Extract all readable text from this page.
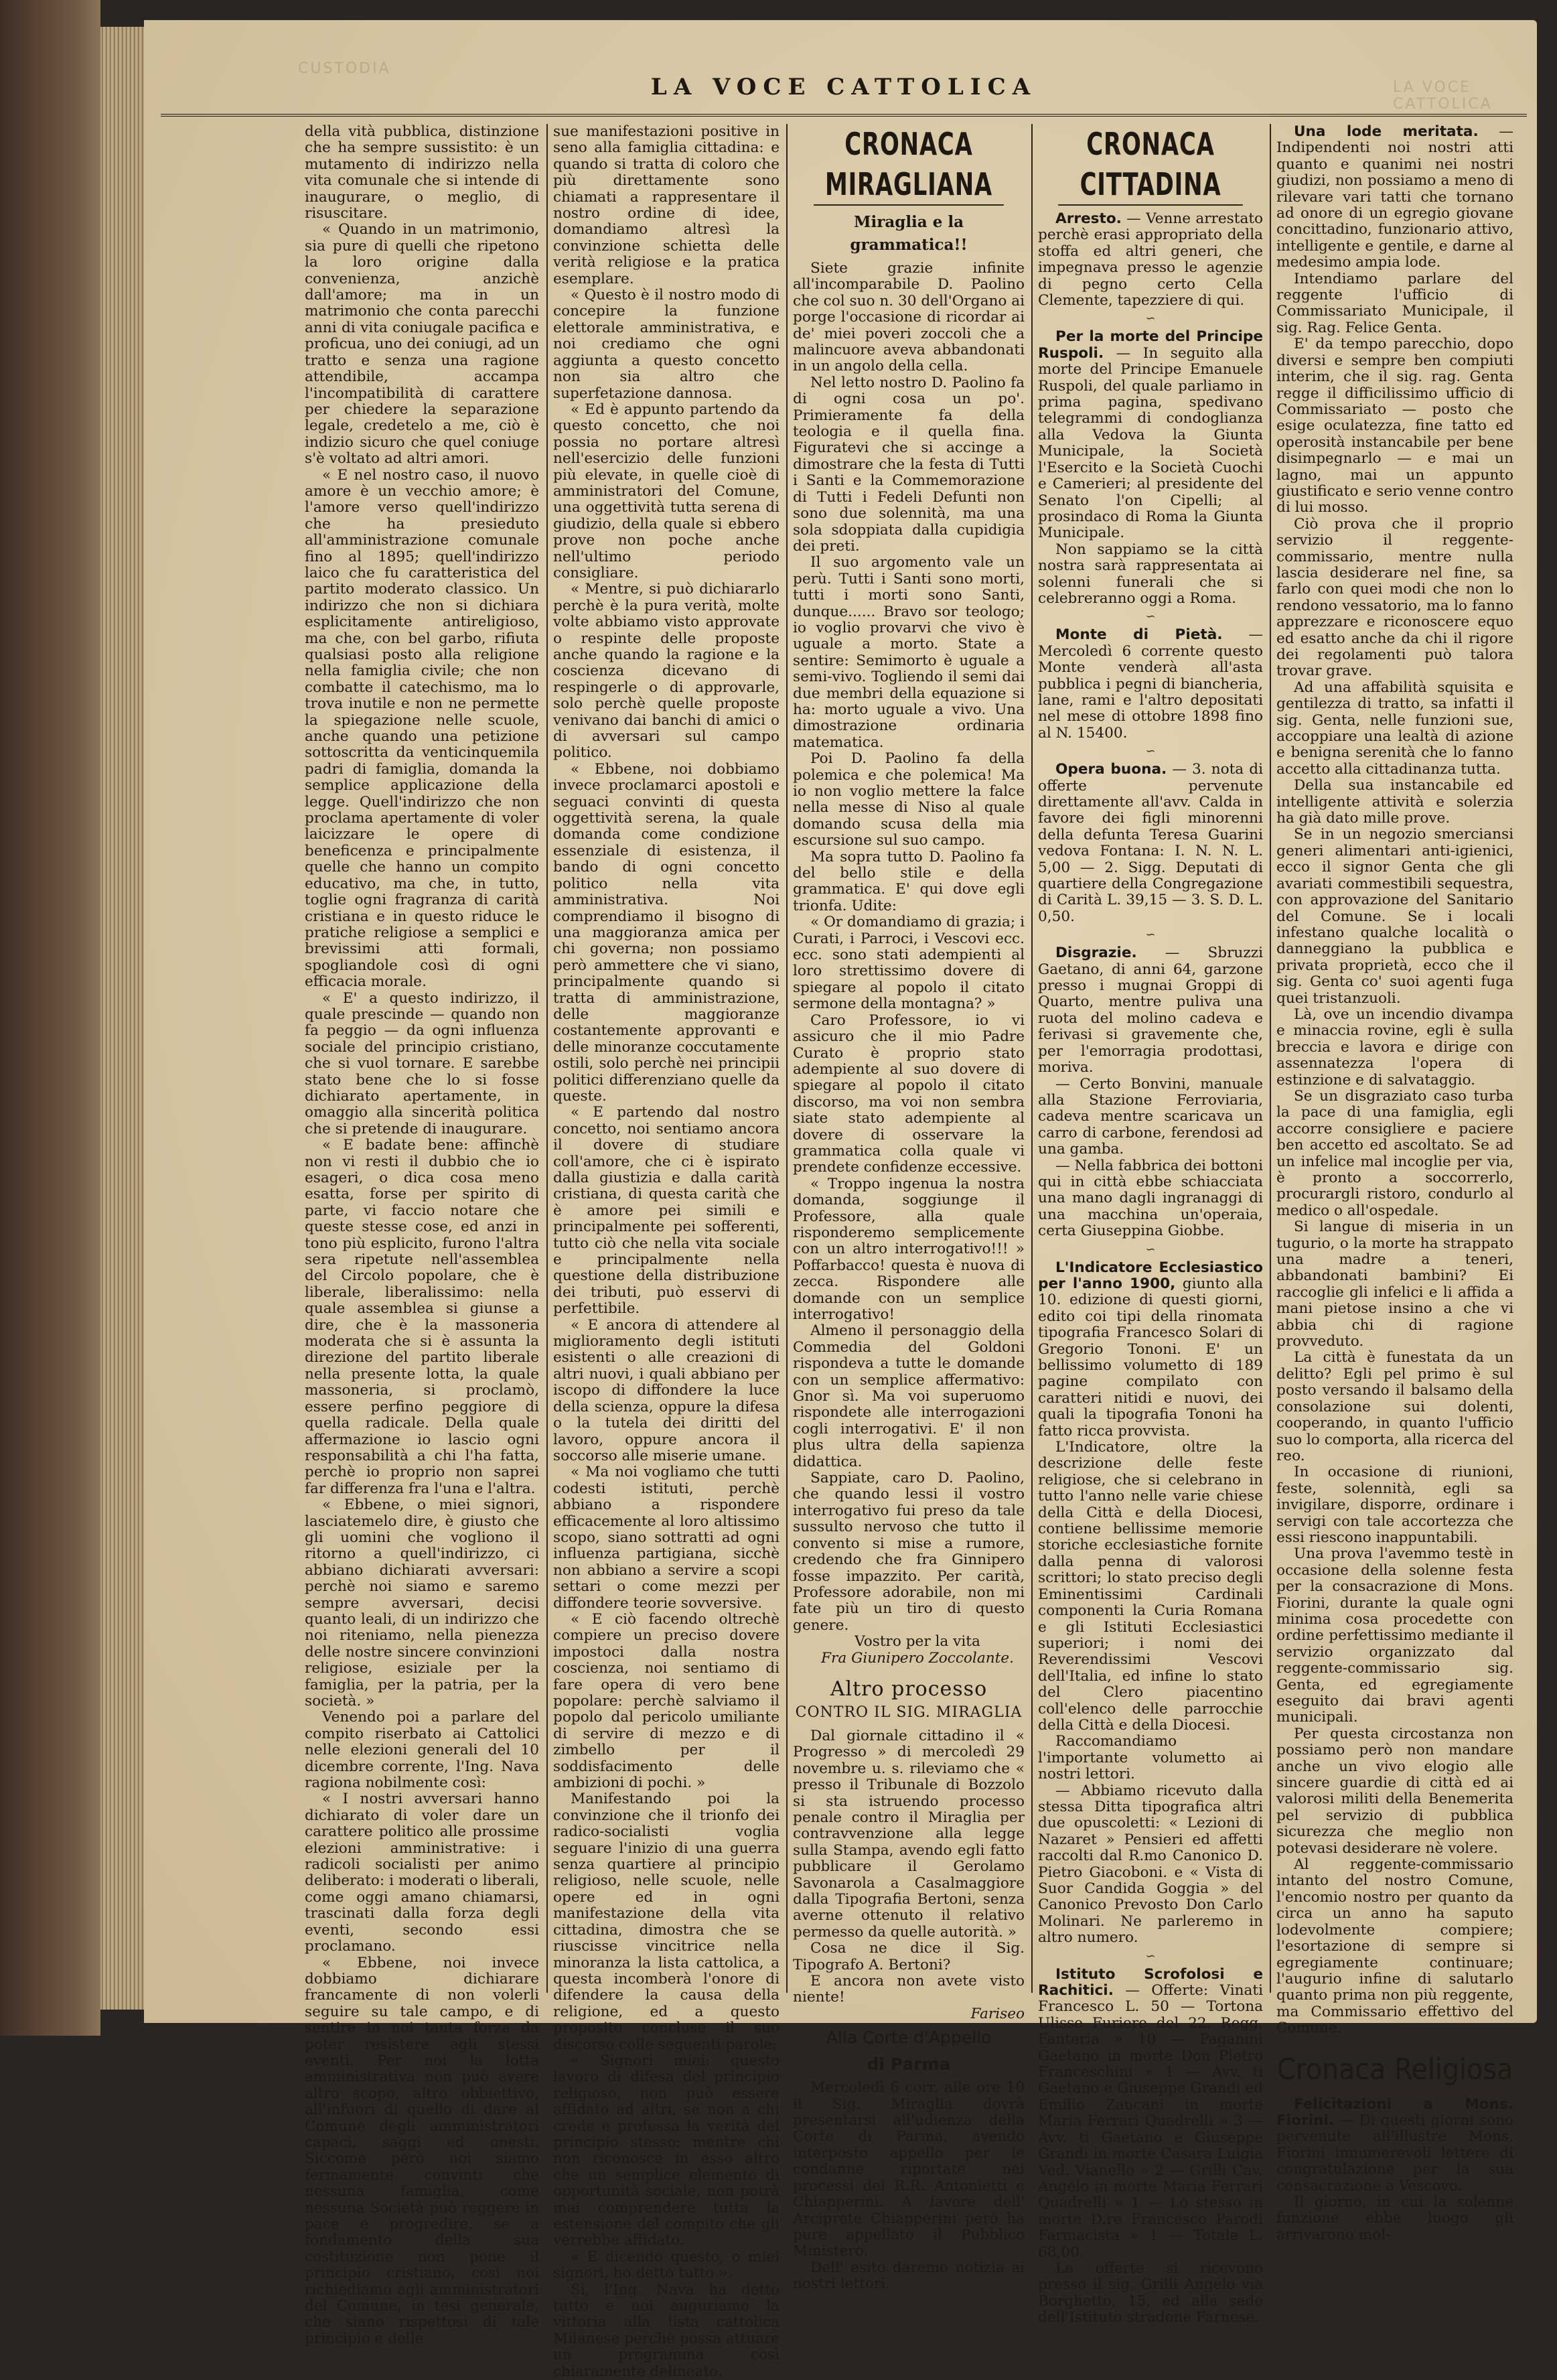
CUSTODIA
LA VOCE CATTOLICA
LA VOCE CATTOLICA

della vità pubblica, distinzione che ha sempre sussistito: è un mutamento di indirizzo nella vita comunale che si intende di inaugurare, o meglio, di risuscitare.

« Quando in un matrimonio, sia pure di quelli che ripetono la loro origine dalla convenienza, anzichè dall'amore; ma in un matrimonio che conta parecchi anni di vita coniugale pacifica e proficua, uno dei coniugi, ad un tratto e senza una ragione attendibile, accampa l'incompatibilità di carattere per chiedere la separazione legale, credetelo a me, ciò è indizio sicuro che quel coniuge s'è voltato ad altri amori.

« E nel nostro caso, il nuovo amore è un vecchio amore; è l'amore verso quell'indirizzo che ha presieduto all'amministrazione comunale fino al 1895; quell'indirizzo laico che fu caratteristica del partito moderato classico. Un indirizzo che non si dichiara esplicitamente antireligioso, ma che, con bel garbo, rifiuta qualsiasi posto alla religione nella famiglia civile; che non combatte il catechismo, ma lo trova inutile e non ne permette la spiegazione nelle scuole, anche quando una petizione sottoscritta da venticinquemila padri di famiglia, domanda la semplice applicazione della legge. Quell'indirizzo che non proclama apertamente di voler laicizzare le opere di beneficenza e principalmente quelle che hanno un compito educativo, ma che, in tutto, toglie ogni fragranza di carità cristiana e in questo riduce le pratiche religiose a semplici e brevissimi atti formali, spogliandole così di ogni efficacia morale.

« E' a questo indirizzo, il quale prescinde — quando non fa peggio — da ogni influenza sociale del principio cristiano, che si vuol tornare. E sarebbe stato bene che lo si fosse dichiarato apertamente, in omaggio alla sincerità politica che si pretende di inaugurare.

« E badate bene: affinchè non vi resti il dubbio che io esageri, o dica cosa meno esatta, forse per spirito di parte, vi faccio notare che queste stesse cose, ed anzi in tono più esplicito, furono l'altra sera ripetute nell'assemblea del Circolo popolare, che è liberale, liberalissimo: nella quale assemblea si giunse a dire, che è la massoneria moderata che si è assunta la direzione del partito liberale nella presente lotta, la quale massoneria, si proclamò, essere perfino peggiore di quella radicale. Della quale affermazione io lascio ogni responsabilità a chi l'ha fatta, perchè io proprio non saprei far differenza fra l'una e l'altra.

« Ebbene, o miei signori, lasciatemelo dire, è giusto che gli uomini che vogliono il ritorno a quell'indirizzo, ci abbiano dichiarati avversari: perchè noi siamo e saremo sempre avversari, decisi quanto leali, di un indirizzo che noi riteniamo, nella pienezza delle nostre sincere convinzioni religiose, esiziale per la famiglia, per la patria, per la società. »

Venendo poi a parlare del compito riserbato ai Cattolici nelle elezioni generali del 10 dicembre corrente, l'Ing. Nava ragiona nobilmente così:

« I nostri avversari hanno dichiarato di voler dare un carattere politico alle prossime elezioni amministrative: i radicoli socialisti per animo deliberato: i moderati o liberali, come oggi amano chiamarsi, trascinati dalla forza degli eventi, secondo essi proclamano.

« Ebbene, noi invece dobbiamo dichiarare francamente di non volerli seguire su tale campo, e di sentire in noi tanta forza da poter resistere agli stessi eventi. Per noi la lotta amministrativa non può avere altro scopo, altro obbiettivo, all'infuori di quello di dare al Comune degli amministratori capaci, saggi ed onesti. Siccome però noi siamo fermamente convinti che nessuna famiglia, come nessuna Società può reggere in pace e progredire, se a fondamento della sua costituzione non pone il principio cristiano, così noi richiediamo agli amministratori del Comune, in tesi generale, che siano rispettosi di tale principio e delle

sue manifestazioni positive in seno alla famiglia cittadina: e quando si tratta di coloro che più direttamente sono chiamati a rappresentare il nostro ordine di idee, domandiamo altresì la convinzione schietta delle verità religiose e la pratica esemplare.

« Questo è il nostro modo di concepire la funzione elettorale amministrativa, e noi crediamo che ogni aggiunta a questo concetto non sia altro che superfetazione dannosa.

« Ed è appunto partendo da questo concetto, che noi possia no portare altresì nell'esercizio delle funzioni più elevate, in quelle cioè di amministratori del Comune, una oggettività tutta serena di giudizio, della quale si ebbero prove non poche anche nell'ultimo periodo consigliare.

« Mentre, si può dichiararlo perchè è la pura verità, molte volte abbiamo visto approvate o respinte delle proposte anche quando la ragione e la coscienza dicevano di respingerle o di approvarle, solo perchè quelle proposte venivano dai banchi di amici o di avversari sul campo politico.

« Ebbene, noi dobbiamo invece proclamarci apostoli e seguaci convinti di questa oggettività serena, la quale domanda come condizione essenziale di esistenza, il bando di ogni concetto politico nella vita amministrativa. Noi comprendiamo il bisogno di una maggioranza amica per chi governa; non possiamo però ammettere che vi siano, principalmente quando si tratta di amministrazione, delle maggioranze costantemente approvanti e delle minoranze coccutamente ostili, solo perchè nei principii politici differenziano quelle da queste.

« E partendo dal nostro concetto, noi sentiamo ancora il dovere di studiare coll'amore, che ci è ispirato dalla giustizia e dalla carità cristiana, di questa carità che è amore pei simili e principalmente pei sofferenti, tutto ciò che nella vita sociale e principalmente nella questione della distribuzione dei tributi, può esservi di perfettibile.

« E ancora di attendere al miglioramento degli istituti esistenti o alle creazioni di altri nuovi, i quali abbiano per iscopo di diffondere la luce della scienza, oppure la difesa o la tutela dei diritti del lavoro, oppure ancora il soccorso alle miserie umane.

« Ma noi vogliamo che tutti codesti istituti, perchè abbiano a rispondere efficacemente al loro altissimo scopo, siano sottratti ad ogni influenza partigiana, sicchè non abbiano a servire a scopi settari o come mezzi per diffondere teorie sovversive.

« E ciò facendo oltrechè compiere un preciso dovere impostoci dalla nostra coscienza, noi sentiamo di fare opera di vero bene popolare: perchè salviamo il popolo dal pericolo umiliante di servire di mezzo e di zimbello per il soddisfacimento delle ambizioni di pochi. »

Manifestando poi la convinzione che il trionfo dei radico-socialisti voglia seguare l'inizio di una guerra senza quartiere al principio religioso, nelle scuole, nelle opere ed in ogni manifestazione della vita cittadina, dimostra che se riuscisse vincitrice nella minoranza la lista cattolica, a questa incomberà l'onore di difendere la causa della religione, ed a questo proposito concluse il suo discorso colle seguenti parole:

« Signori miei: questo lavoro di difesa del principio religioso, non può essere affidato ad altri, se non a chi crede e professa la verità del principio stesso: mentre chi non riconosce in esso altro che un semplice elemento di opportunità sociale, non potrà mai comprendere tutta la estensione del compito che gli verrebbe affidato.

« E dicendo questo, o miei signori, ho detto tutto ».

Sì, l'Ing. Nava ha detto tutto e noi auguriamo la vittoria alla lista cattolica Milanese perchè possa attuare un programma così chiaramente delineato.

CRONACA MIRAGLIANA
Miraglia e la grammatica!!

Siete grazie infinite all'incomparabile D. Paolino che col suo n. 30 dell'Organo ai porge l'occasione di ricordar ai de' miei poveri zoccoli che a malincuore aveva abbandonati in un angolo della cella.

Nel letto nostro D. Paolino fa di ogni cosa un po'. Primieramente fa della teologia e il quella fina. Figuratevi che si accinge a dimostrare che la festa di Tutti i Santi e la Commemorazione di Tutti i Fedeli Defunti non sono due solennità, ma una sola sdoppiata dalla cupidigia dei preti.

Il suo argomento vale un perù. Tutti i Santi sono morti, tutti i morti sono Santi, dunque...... Bravo sor teologo; io voglio provarvi che vivo è uguale a morto. State a sentire: Semimorto è uguale a semi-vivo. Togliendo il semi dai due membri della equazione si ha: morto uguale a vivo. Una dimostrazione ordinaria matematica.

Poi D. Paolino fa della polemica e che polemica! Ma io non voglio mettere la falce nella messe di Niso al quale domando scusa della mia escursione sul suo campo.

Ma sopra tutto D. Paolino fa del bello stile e della grammatica. E' qui dove egli trionfa. Udite:

« Or domandiamo di grazia; i Curati, i Parroci, i Vescovi ecc. ecc. sono stati adempienti al loro strettissimo dovere di spiegare al popolo il citato sermone della montagna? »

Caro Professore, io vi assicuro che il mio Padre Curato è proprio stato adempiente al suo dovere di spiegare al popolo il citato discorso, ma voi non sembra siate stato adempiente al dovere di osservare la grammatica colla quale vi prendete confidenze eccessive.

« Troppo ingenua la nostra domanda, soggiunge il Professore, alla quale risponderemo semplicemente con un altro interrogativo!!! » Poffarbacco! questa è nuova di zecca. Rispondere alle domande con un semplice interrogativo!

Almeno il personaggio della Commedia del Goldoni rispondeva a tutte le domande con un semplice affermativo: Gnor sì. Ma voi superuomo rispondete alle interrogazioni cogli interrogativi. E' il non plus ultra della sapienza didattica.

Sappiate, caro D. Paolino, che quando lessi il vostro interrogativo fui preso da tale sussulto nervoso che tutto il convento si mise a rumore, credendo che fra Ginnipero fosse impazzito. Per carità, Professore adorabile, non mi fate più un tiro di questo genere.

Vostro per la vita

Fra Giunipero Zoccolante.

Altro processo
CONTRO IL SIG. MIRAGLIA

Dal giornale cittadino il « Progresso » di mercoledì 29 novembre u. s. rileviamo che « presso il Tribunale di Bozzolo si sta istruendo processo penale contro il Miraglia per contravvenzione alla legge sulla Stampa, avendo egli fatto pubblicare il Gerolamo Savonarola a Casalmaggiore dalla Tipografia Bertoni, senza averne ottenuto il relativo permesso da quelle autorità. »

Cosa ne dice il Sig. Tipografo A. Bertoni?

E ancora non avete visto niente!

Fariseo

Alla Corte d'Appello
di Parma

Mercoledì 6 corr. alle ore 10 il Sig. Miraglia dovrà presentarsi all'udienza della Corte di Parma, avendo interposto appello per le condanne riportate nei processi dei R.R. Antonietti e Chiapperini. A favore dell' Arciprete Chiapperini però ha pure appellato il Pubblico Ministero.

Dell' esito daremo notizia ai nostri lettori.

CRONACA CITTADINA

Arresto. — Venne arrestato perchè erasi appropriato della stoffa ed altri generi, che impegnava presso le agenzie di pegno certo Cella Clemente, tapezziere di qui.

∽

Per la morte del Principe Ruspoli. — In seguito alla morte del Principe Emanuele Ruspoli, del quale parliamo in prima pagina, spedivano telegrammi di condoglianza alla Vedova la Giunta Municipale, la Società l'Esercito e la Società Cuochi e Camerieri; al presidente del Senato l'on Cipelli; al prosindaco di Roma la Giunta Municipale.

Non sappiamo se la città nostra sarà rappresentata ai solenni funerali che si celebreranno oggi a Roma.

∽

Monte di Pietà. — Mercoledì 6 corrente questo Monte venderà all'asta pubblica i pegni di biancheria, lane, rami e l'altro depositati nel mese di ottobre 1898 fino al N. 15400.

∽

Opera buona. — 3. nota di offerte pervenute direttamente all'avv. Calda in favore dei figli minorenni della defunta Teresa Guarini vedova Fontana: I. N. N. L. 5,00 — 2. Sigg. Deputati di quartiere della Congregazione di Carità L. 39,15 — 3. S. D. L. 0,50.

∽

Disgrazie. — Sbruzzi Gaetano, di anni 64, garzone presso i mugnai Groppi di Quarto, mentre puliva una ruota del molino cadeva e ferivasi si gravemente che, per l'emorragia prodottasi, moriva.

— Certo Bonvini, manuale alla Stazione Ferroviaria, cadeva mentre scaricava un carro di carbone, ferendosi ad una gamba.

— Nella fabbrica dei bottoni qui in città ebbe schiacciata una mano dagli ingranaggi di una macchina un'operaia, certa Giuseppina Giobbe.

∽

L'Indicatore Ecclesiastico per l'anno 1900, giunto alla 10. edizione di questi giorni, edito coi tipi della rinomata tipografia Francesco Solari di Gregorio Tononi. E' un bellissimo volumetto di 189 pagine compilato con caratteri nitidi e nuovi, dei quali la tipografia Tononi ha fatto ricca provvista.

L'Indicatore, oltre la descrizione delle feste religiose, che si celebrano in tutto l'anno nelle varie chiese della Città e della Diocesi, contiene bellissime memorie storiche ecclesiastiche fornite dalla penna di valorosi scrittori; lo stato preciso degli Eminentissimi Cardinali componenti la Curia Romana e gli Istituti Ecclesiastici superiori; i nomi dei Reverendissimi Vescovi dell'Italia, ed infine lo stato del Clero piacentino coll'elenco delle parrocchie della Città e della Diocesi.

Raccomandiamo l'importante volumetto ai nostri lettori.

— Abbiamo ricevuto dalla stessa Ditta tipografica altri due opuscoletti: « Lezioni di Nazaret » Pensieri ed affetti raccolti dal R.mo Canonico D. Pietro Giacoboni. e « Vista di Suor Candida Goggia » del Canonico Prevosto Don Carlo Molinari. Ne parleremo in altro numero.

∽

Istituto Scrofolosi e Rachitici. — Offerte: Vinati Francesco L. 50 — Tortona Ulisse Furiere del 22. Regg. Fanteria » 10 — Paganini Gaetano in morte Don Pietro Franceschini » 1 — Avv. ti Gaetano e Giuseppe Grandi ed Emilio Zaucani in morte Maria Ferrari Quadrelli » 3 — Avv. ti Gaetano e Giuseppe Grandi in morte Casara Luigia Ved. Vianello » 2 — Grilli Cav. Angelo in morte Maria Ferrari Quadrelli » 1 — Lo stesso in morte D.re Francesco Parodi Farmacista » 1 — Totale L. 68,00.

Le offerte si ricevono presso il sig. Grilli Angelo via Borghetto, 15, ed alla sede dell'Istituto stradone Farnese.

Una lode meritata. — Indipendenti noi nostri atti quanto e quanimi nei nostri giudizi, non possiamo a meno di rilevare vari tatti che tornano ad onore di un egregio giovane concittadino, funzionario attivo, intelligente e gentile, e darne al medesimo ampia lode.

Intendiamo parlare del reggente l'ufficio di Commissariato Municipale, il sig. Rag. Felice Genta.

E' da tempo parecchio, dopo diversi e sempre ben compiuti interim, che il sig. rag. Genta regge il difficilissimo ufficio di Commissariato — posto che esige oculatezza, fine tatto ed operosità instancabile per bene disimpegnarlo — e mai un lagno, mai un appunto giustificato e serio venne contro di lui mosso.

Ciò prova che il proprio servizio il reggente-commissario, mentre nulla lascia desiderare nel fine, sa farlo con quei modi che non lo rendono vessatorio, ma lo fanno apprezzare e riconoscere equo ed esatto anche da chi il rigore dei regolamenti può talora trovar grave.

Ad una affabilità squisita e gentilezza di tratto, sa infatti il sig. Genta, nelle funzioni sue, accoppiare una lealtà di azione e benigna serenità che lo fanno accetto alla cittadinanza tutta.

Della sua instancabile ed intelligente attività e solerzia ha già dato mille prove.

Se in un negozio smerciansi generi alimentari anti-igienici, ecco il signor Genta che gli avariati commestibili sequestra, con approvazione del Sanitario del Comune. Se i locali infestano qualche località o danneggiano la pubblica e privata proprietà, ecco che il sig. Genta co' suoi agenti fuga quei tristanzuoli.

Là, ove un incendio divampa e minaccia rovine, egli è sulla breccia e lavora e dirige con assennatezza l'opera di estinzione e di salvataggio.

Se un disgraziato caso turba la pace di una famiglia, egli accorre consigliere e paciere ben accetto ed ascoltato. Se ad un infelice mal incoglie per via, è pronto a soccorrerlo, procurargli ristoro, condurlo al medico o all'ospedale.

Si langue di miseria in un tugurio, o la morte ha strappato una madre a teneri, abbandonati bambini? Ei raccoglie gli infelici e li affida a mani pietose insino a che vi abbia chi di ragione provveduto.

La città è funestata da un delitto? Egli pel primo è sul posto versando il balsamo della consolazione sui dolenti, cooperando, in quanto l'ufficio suo lo comporta, alla ricerca del reo.

In occasione di riunioni, feste, solennità, egli sa invigilare, disporre, ordinare i servigi con tale accortezza che essi riescono inappuntabili.

Una prova l'avemmo testè in occasione della solenne festa per la consacrazione di Mons. Fiorini, durante la quale ogni minima cosa procedette con ordine perfettissimo mediante il servizio organizzato dal reggente-commissario sig. Genta, ed egregiamente eseguito dai bravi agenti municipali.

Per questa circostanza non possiamo però non mandare anche un vivo elogio alle sincere guardie di città ed ai valorosi militi della Benemerita pel servizio di pubblica sicurezza che meglio non potevasi desiderare nè volere.

Al reggente-commissario intanto del nostro Comune, l'encomio nostro per quanto da circa un anno ha saputo lodevolmente compiere; l'esortazione di sempre si egregiamente continuare; l'augurio infine di salutarlo quanto prima non più reggente, ma Commissario effettivo del Comune.

Cronaca Religiosa

Felicitazioni a Mons. Fiorini. — Di questi giorni sono pervenute all'illustre Mons. Fiorini innumerevoli lettere di congratulazione per la sua consacrazione a Vescovo.

Il giorno, in cui la solenne funzione ebbe luogo gli arrivarono mol-
